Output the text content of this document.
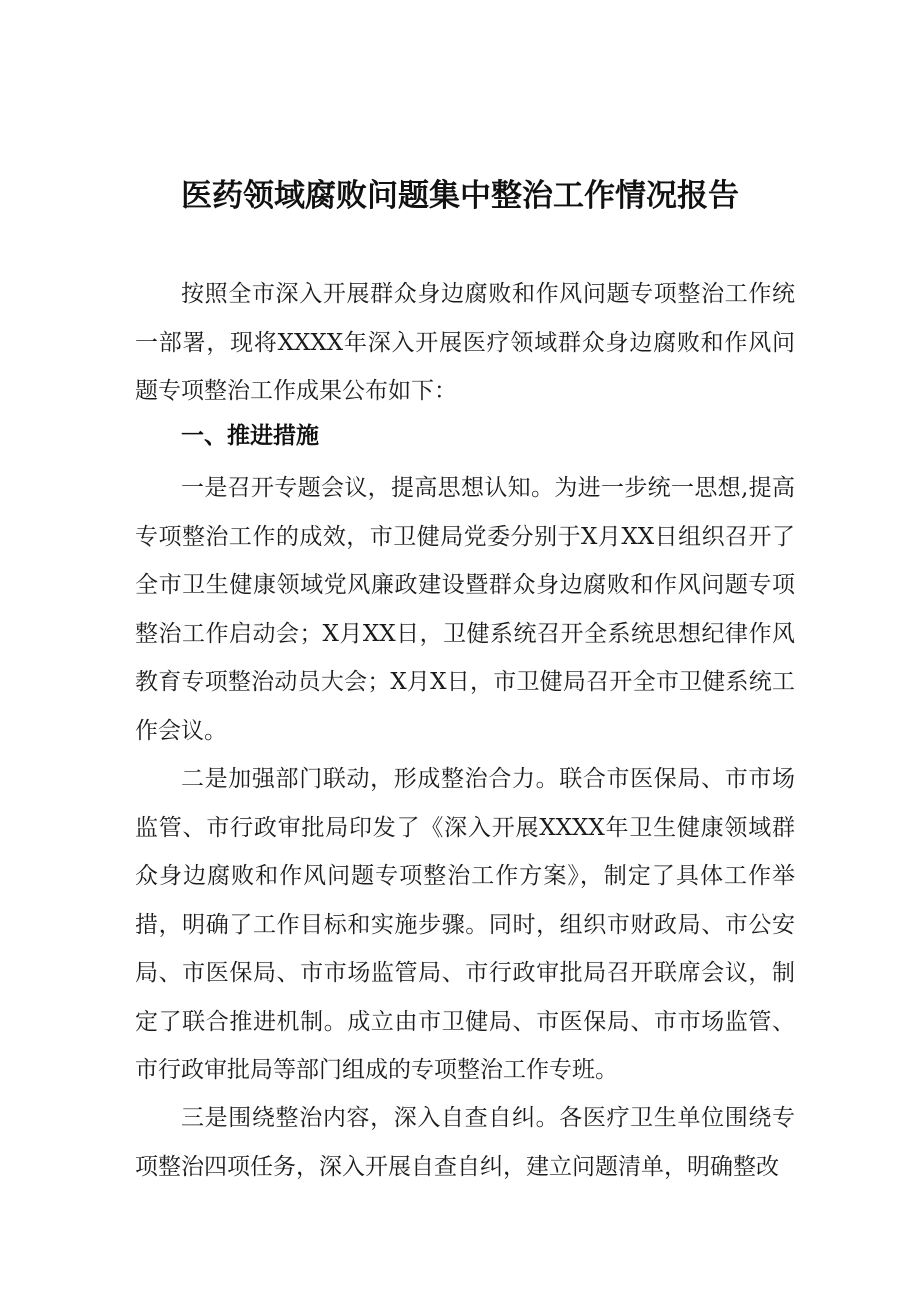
医药领域腐败问题集中整治工作情况报告

按照全市深入开展群众身边腐败和作风问题专项整治工作统一部署，现将XXXX年深入开展医疗领域群众身边腐败和作风问题专项整治工作成果公布如下：

一、推进措施

一是召开专题会议，提高思想认知。为进一步统一思想,提高专项整治工作的成效，市卫健局党委分别于X月XX日组织召开了全市卫生健康领域党风廉政建设暨群众身边腐败和作风问题专项整治工作启动会；X月XX日，卫健系统召开全系统思想纪律作风教育专项整治动员大会；X月X日，市卫健局召开全市卫健系统工作会议。

二是加强部门联动，形成整治合力。联合市医保局、市市场监管、市行政审批局印发了《深入开展XXXX年卫生健康领域群众身边腐败和作风问题专项整治工作方案》，制定了具体工作举措，明确了工作目标和实施步骤。同时，组织市财政局、市公安局、市医保局、市市场监管局、市行政审批局召开联席会议，制定了联合推进机制。成立由市卫健局、市医保局、市市场监管、市行政审批局等部门组成的专项整治工作专班。

三是围绕整治内容，深入自查自纠。各医疗卫生单位围绕专项整治四项任务，深入开展自查自纠，建立问题清单，明确整改
